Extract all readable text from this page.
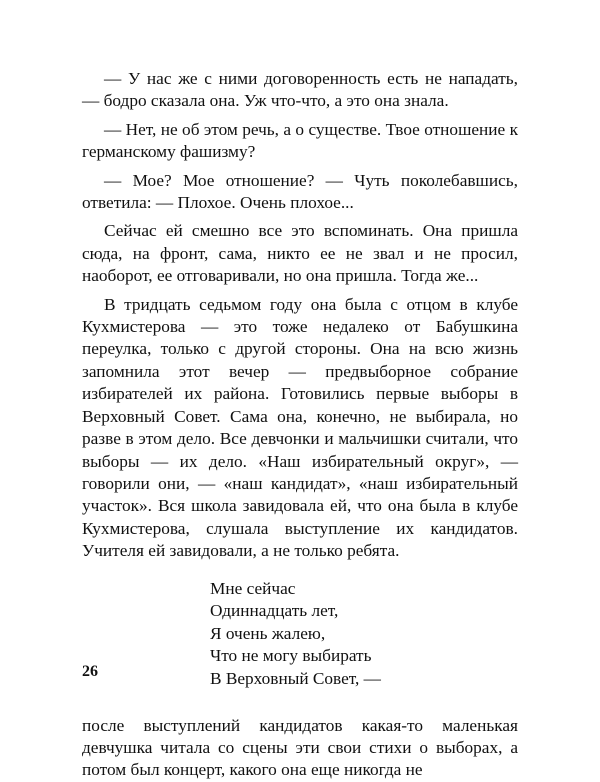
— У нас же с ними договоренность есть не нападать, — бодро сказала она. Уж что-что, а это она знала.

— Нет, не об этом речь, а о существе. Твое отношение к германскому фашизму?

— Мое? Мое отношение? — Чуть поколебавшись, ответила: — Плохое. Очень плохое...

Сейчас ей смешно все это вспоминать. Она пришла сюда, на фронт, сама, никто ее не звал и не просил, наоборот, ее отговаривали, но она пришла. Тогда же...

В тридцать седьмом году она была с отцом в клубе Кухмистерова — это тоже недалеко от Бабушкина переулка, только с другой стороны. Она на всю жизнь запомнила этот вечер — предвыборное собрание избирателей их района. Готовились первые выборы в Верховный Совет. Сама она, конечно, не выбирала, но разве в этом дело. Все девчонки и мальчишки считали, что выборы — их дело. «Наш избирательный округ», — говорили они, — «наш кандидат», «наш избирательный участок». Вся школа завидовала ей, что она была в клубе Кухмистерова, слушала выступление их кандидатов. Учителя ей завидовали, а не только ребята.

Мне сейчас
Одиннадцать лет,
Я очень жалею,
Что не могу выбирать
В Верховный Совет, —

после выступлений кандидатов какая-то маленькая девчушка читала со сцены эти свои стихи о выборах, а потом был концерт, какого она еще никогда не

26
